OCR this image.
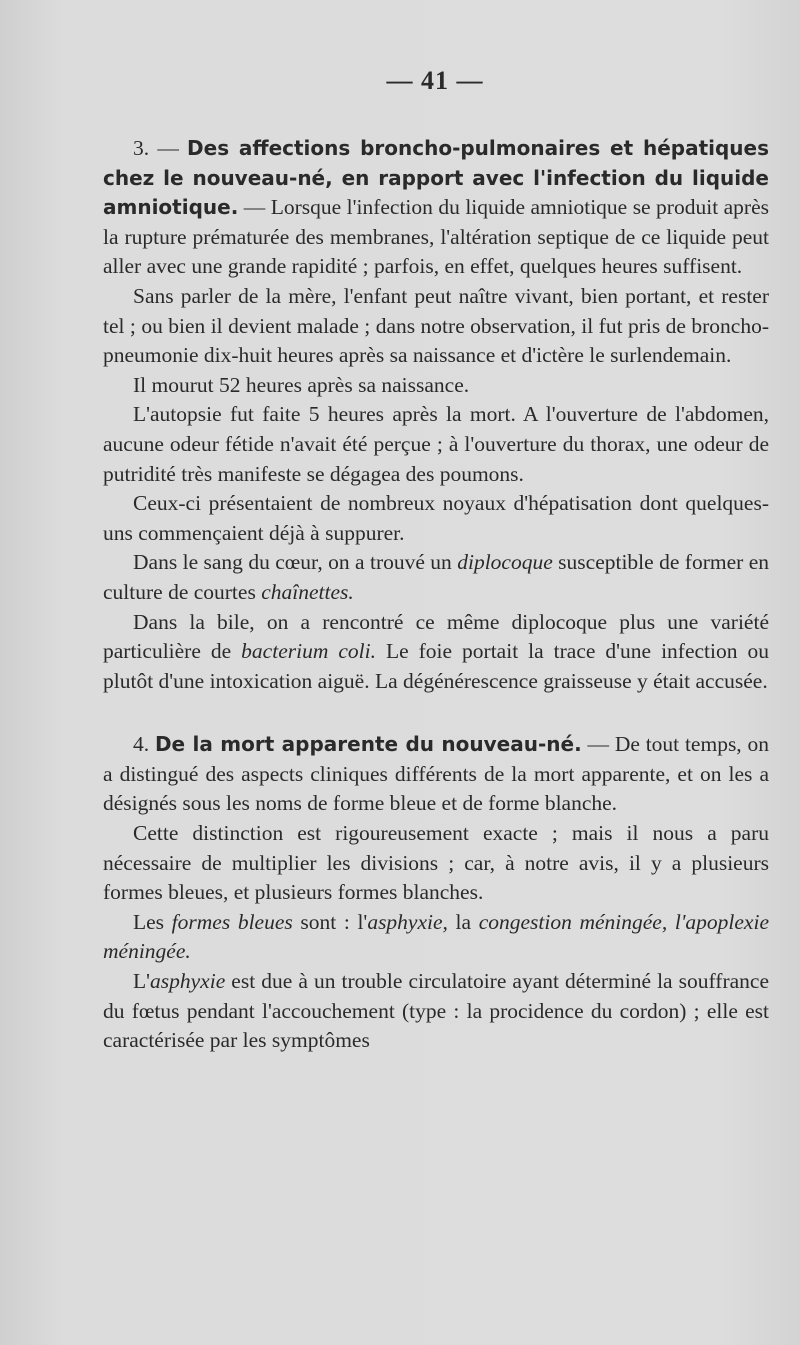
— 41 —

3. — Des affections broncho-pulmonaires et hépatiques chez le nouveau-né, en rapport avec l'infection du liquide amniotique. — Lorsque l'infection du liquide amniotique se produit après la rupture prématurée des membranes, l'altération septique de ce liquide peut aller avec une grande rapidité ; parfois, en effet, quelques heures suffisent.

Sans parler de la mère, l'enfant peut naître vivant, bien portant, et rester tel ; ou bien il devient malade ; dans notre observation, il fut pris de broncho-pneumonie dix-huit heures après sa naissance et d'ictère le surlendemain.

Il mourut 52 heures après sa naissance.

L'autopsie fut faite 5 heures après la mort. A l'ouverture de l'abdomen, aucune odeur fétide n'avait été perçue ; à l'ouverture du thorax, une odeur de putridité très manifeste se dégagea des poumons.

Ceux-ci présentaient de nombreux noyaux d'hépatisation dont quelques-uns commençaient déjà à suppurer.

Dans le sang du cœur, on a trouvé un diplocoque susceptible de former en culture de courtes chaînettes.

Dans la bile, on a rencontré ce même diplocoque plus une variété particulière de bacterium coli. Le foie portait la trace d'une infection ou plutôt d'une intoxication aiguë. La dégénérescence graisseuse y était accusée.

4. De la mort apparente du nouveau-né. — De tout temps, on a distingué des aspects cliniques différents de la mort apparente, et on les a désignés sous les noms de forme bleue et de forme blanche.

Cette distinction est rigoureusement exacte ; mais il nous a paru nécessaire de multiplier les divisions ; car, à notre avis, il y a plusieurs formes bleues, et plusieurs formes blanches.

Les formes bleues sont : l'asphyxie, la congestion méningée, l'apoplexie méningée.

L'asphyxie est due à un trouble circulatoire ayant déterminé la souffrance du fœtus pendant l'accouchement (type : la procidence du cordon) ; elle est caractérisée par les symptômes
